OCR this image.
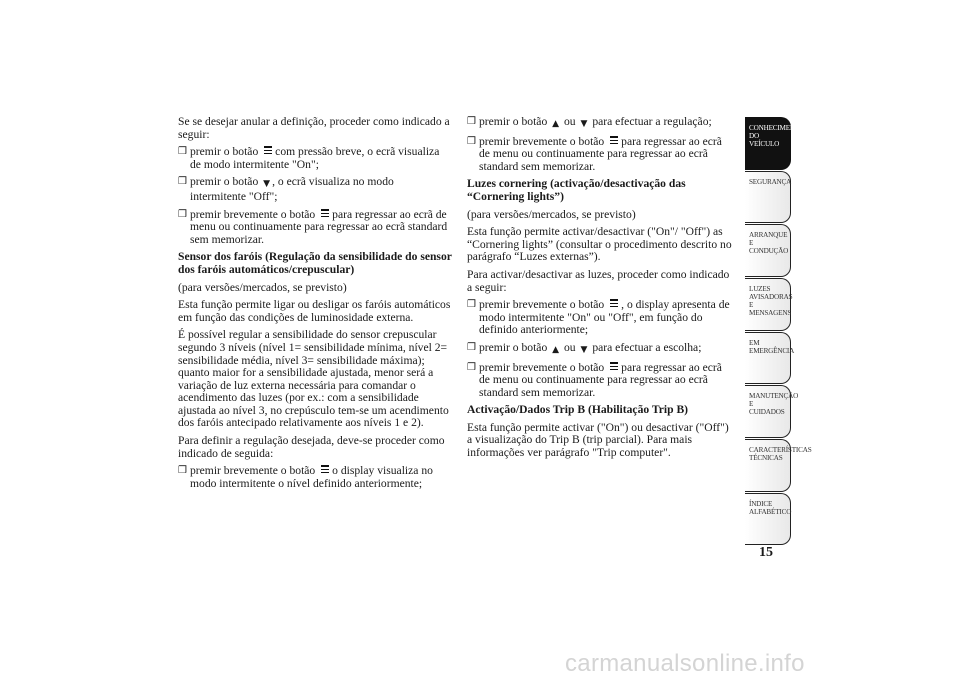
Se se desejar anular a definição, proceder como indicado a seguir:

❒ premir o botão com pressão breve, o ecrã visualiza de modo intermitente "On";
❒ premir o botão ▼ , o ecrã visualiza no modo intermitente "Off";
❒ premir brevemente o botão para regressar ao ecrã de menu ou continuamente para regressar ao ecrã standard sem memorizar.

Sensor dos faróis (Regulação da sensibilidade do sensor dos faróis automáticos/crepuscular)

(para versões/mercados, se previsto)

Esta função permite ligar ou desligar os faróis automáticos em função das condições de luminosidade externa.

É possível regular a sensibilidade do sensor crepuscular segundo 3 níveis (nível 1= sensibilidade mínima, nível 2= sensibilidade média, nível 3= sensibilidade máxima); quanto maior for a sensibilidade ajustada, menor será a variação de luz externa necessária para comandar o acendimento das luzes (por ex.: com a sensibilidade ajustada ao nível 3, no crepúsculo tem-se um acendimento dos faróis antecipado relativamente aos níveis 1 e 2).

Para definir a regulação desejada, deve-se proceder como indicado de seguida:

❒ premir brevemente o botão o display visualiza no modo intermitente o nível definido anteriormente;
❒ premir o botão ▲ ou ▼ para efectuar a regulação;
❒ premir brevemente o botão para regressar ao ecrã de menu ou continuamente para regressar ao ecrã standard sem memorizar.

Luzes cornering (activação/desactivação das “Cornering lights”)

(para versões/mercados, se previsto)

Esta função permite activar/desactivar ("On"/ "Off") as “Cornering lights” (consultar o procedimento descrito no parágrafo “Luzes externas”).

Para activar/desactivar as luzes, proceder como indicado a seguir:

❒ premir brevemente o botão , o display apresenta de modo intermitente "On" ou "Off", em função do definido anteriormente;
❒ premir o botão ▲ ou ▼ para efectuar a escolha;
❒ premir brevemente o botão para regressar ao ecrã de menu ou continuamente para regressar ao ecrã standard sem memorizar.

Activação/Dados Trip B (Habilitação Trip B)

Esta função permite activar ("On") ou desactivar ("Off") a visualização do Trip B (trip parcial). Para mais informações ver parágrafo "Trip computer".

CONHECIMENTO
DO VEÍCULO
SEGURANÇA
ARRANQUE E
CONDUÇÃO
LUZES
AVISADORAS E
MENSAGENS
EM EMERGÊNCIA
MANUTENÇÃO E
CUIDADOS
CARACTERÍSTICAS
TÉCNICAS
ÍNDICE
ALFABÉTICO
15
carmanualsonline.info
